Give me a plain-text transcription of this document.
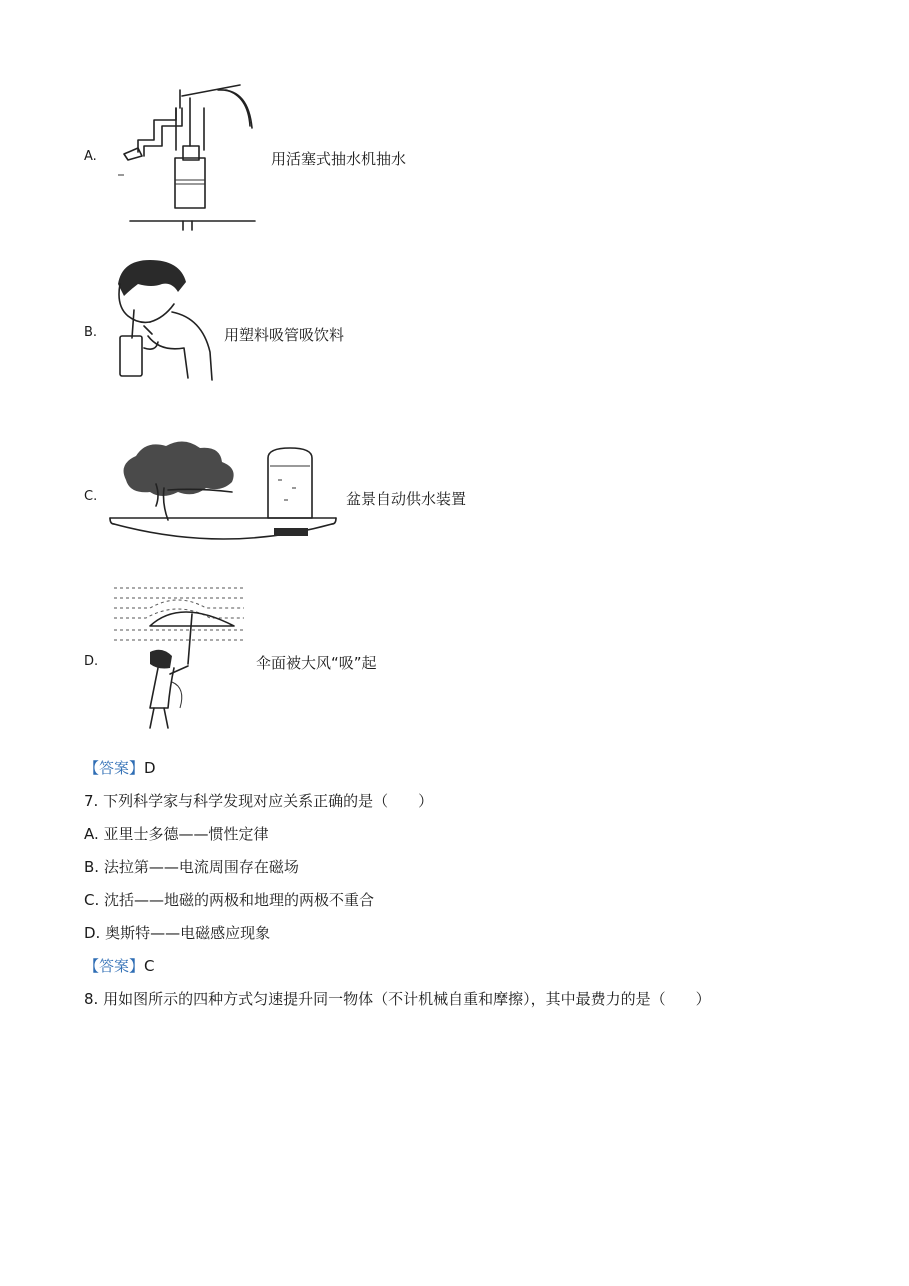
A.	用活塞式抽水机抽水
B.	用塑料吸管吸饮料
C.	盆景自动供水装置
D.	伞面被大风“吸”起
【答案】D
7. 下列科学家与科学发现对应关系正确的是（　　）
A. 亚里士多德——惯性定律
B. 法拉第——电流周围存在磁场
C. 沈括——地磁的两极和地理的两极不重合
D. 奥斯特——电磁感应现象
【答案】C
8. 用如图所示的四种方式匀速提升同一物体（不计机械自重和摩擦），其中最费力的是（　　）
